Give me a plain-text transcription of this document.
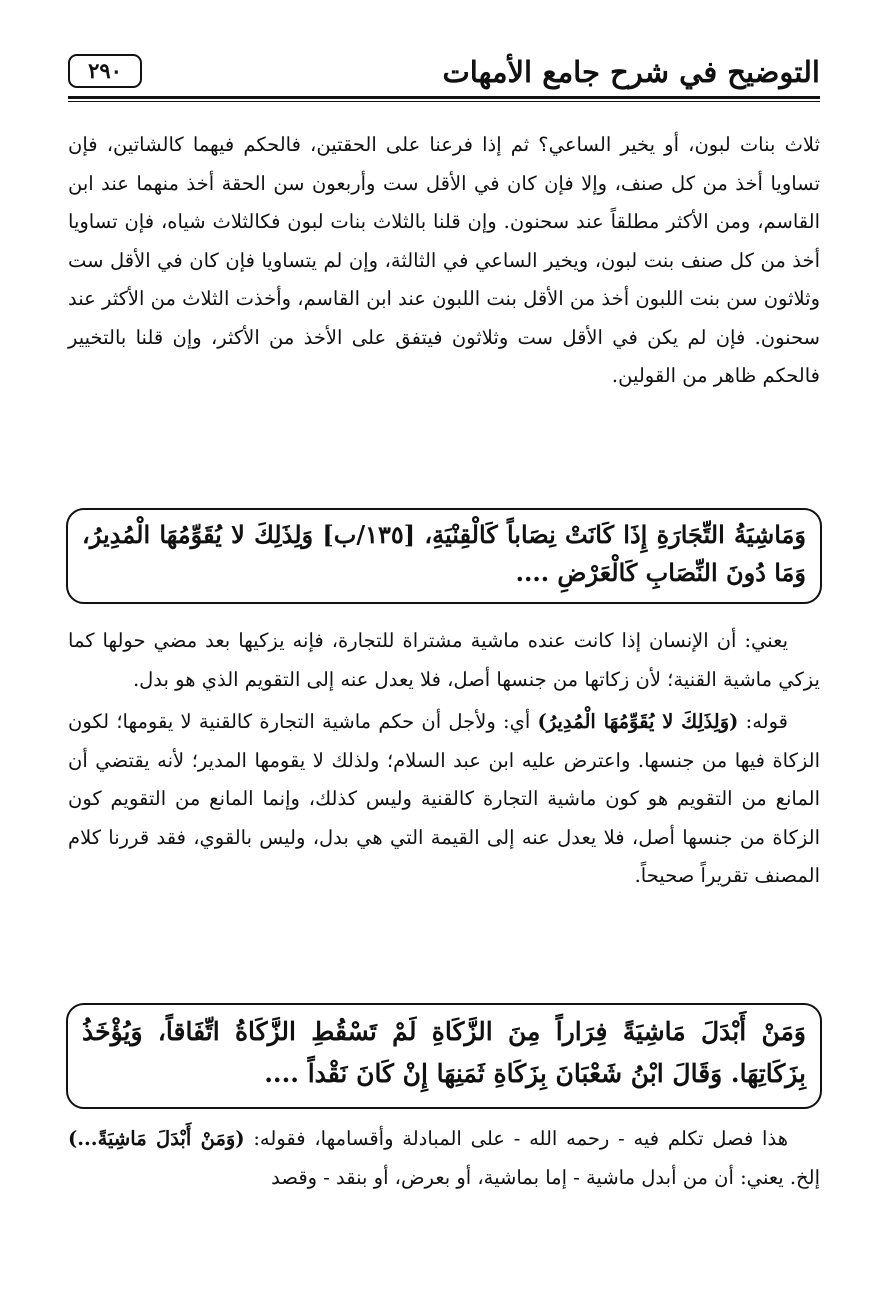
التوضيح في شرح جامع الأمهات
٢٩٠

ثلاث بنات لبون، أو يخير الساعي؟ ثم إذا فرعنا على الحقتين، فالحكم فيهما كالشاتين، فإن تساويا أخذ من كل صنف، وإلا فإن كان في الأقل ست وأربعون سن الحقة أخذ منهما عند ابن القاسم، ومن الأكثر مطلقاً عند سحنون. وإن قلنا بالثلاث بنات لبون فكالثلاث شياه، فإن تساويا أخذ من كل صنف بنت لبون، ويخير الساعي في الثالثة، وإن لم يتساويا فإن كان في الأقل ست وثلاثون سن بنت اللبون أخذ من الأقل بنت اللبون عند ابن القاسم، وأخذت الثلاث من الأكثر عند سحنون. فإن لم يكن في الأقل ست وثلاثون فيتفق على الأخذ من الأكثر، وإن قلنا بالتخيير فالحكم ظاهر من القولين.

وَمَاشِيَةُ التِّجَارَةِ إِذَا كَانَتْ نِصَاباً كَالْقِنْيَةِ، [١٣٥/ب] وَلِذَلِكَ لا يُقَوِّمُهَا الْمُدِيرُ، وَمَا دُونَ النِّصَابِ كَالْعَرْضِ ....

يعني: أن الإنسان إذا كانت عنده ماشية مشتراة للتجارة، فإنه يزكيها بعد مضي حولها كما يزكي ماشية القنية؛ لأن زكاتها من جنسها أصل، فلا يعدل عنه إلى التقويم الذي هو بدل.

قوله: (وَلِذَلِكَ لا يُقَوِّمُهَا الْمُدِيرُ) أي: ولأجل أن حكم ماشية التجارة كالقنية لا يقومها؛ لكون الزكاة فيها من جنسها. واعترض عليه ابن عبد السلام؛ ولذلك لا يقومها المدير؛ لأنه يقتضي أن المانع من التقويم هو كون ماشية التجارة كالقنية وليس كذلك، وإنما المانع من التقويم كون الزكاة من جنسها أصل، فلا يعدل عنه إلى القيمة التي هي بدل، وليس بالقوي، فقد قررنا كلام المصنف تقريراً صحيحاً.

وَمَنْ أَبْدَلَ مَاشِيَةً فِرَاراً مِنَ الزَّكَاةِ لَمْ تَسْقُطِ الزَّكَاةُ اتِّفَاقاً، وَيُؤْخَذُ بِزَكَاتِهَا. وَقَالَ ابْنُ شَعْبَانَ بِزَكَاةِ ثَمَنِهَا إِنْ كَانَ نَقْداً ....

هذا فصل تكلم فيه - رحمه الله - على المبادلة وأقسامها، فقوله: (وَمَنْ أَبْدَلَ مَاشِيَةً...) إلخ. يعني: أن من أبدل ماشية - إما بماشية، أو بعرض، أو بنقد - وقصد
